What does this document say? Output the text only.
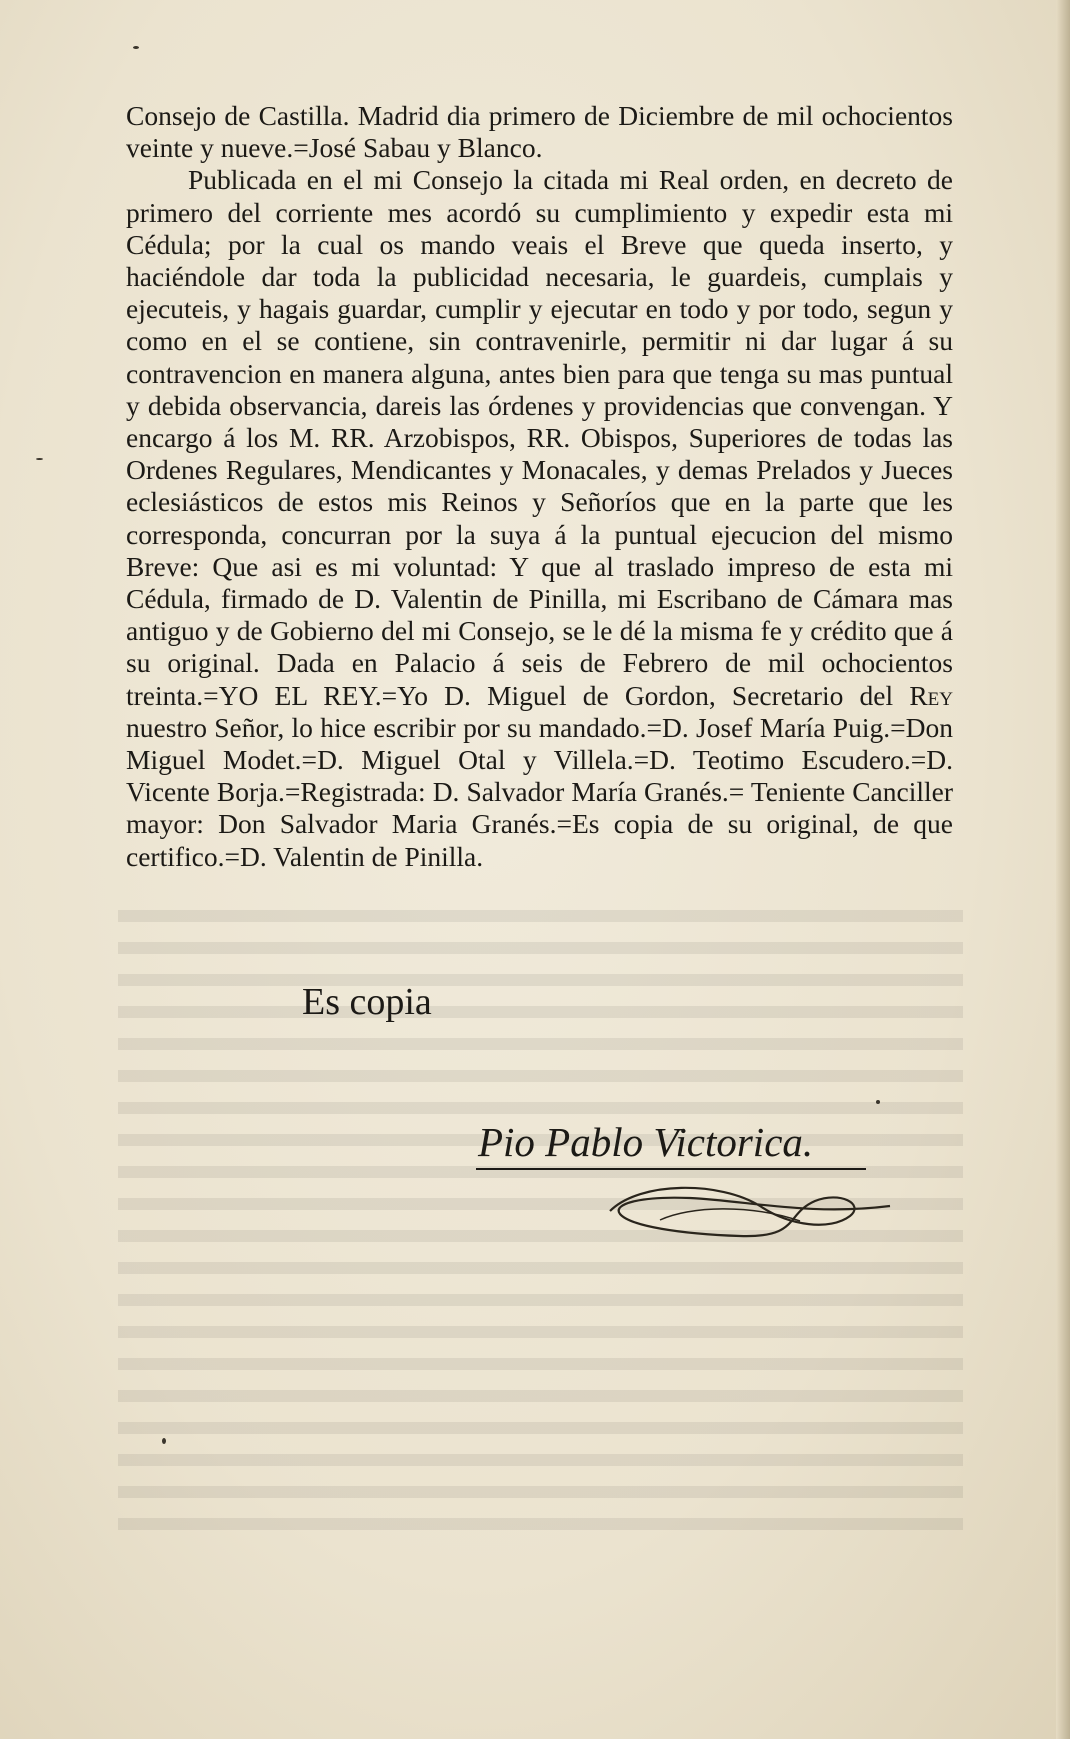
Consejo de Castilla. Madrid dia primero de Diciembre de mil ochocientos veinte y nueve.=José Sabau y Blanco.

Publicada en el mi Consejo la citada mi Real orden, en decreto de primero del corriente mes acordó su cumplimiento y expedir esta mi Cédula; por la cual os mando veais el Breve que queda inserto, y haciéndole dar toda la publicidad necesaria, le guardeis, cumplais y ejecuteis, y hagais guardar, cumplir y ejecutar en todo y por todo, segun y como en el se contiene, sin contravenirle, permitir ni dar lugar á su contravencion en manera alguna, antes bien para que tenga su mas puntual y debida observancia, dareis las órdenes y providencias que convengan. Y encargo á los M. RR. Arzobispos, RR. Obispos, Superiores de todas las Ordenes Regulares, Mendicantes y Monacales, y demas Prelados y Jueces eclesiásticos de estos mis Reinos y Señoríos que en la parte que les corresponda, concurran por la suya á la puntual ejecucion del mismo Breve: Que asi es mi voluntad: Y que al traslado impreso de esta mi Cédula, firmado de D. Valentin de Pinilla, mi Escribano de Cámara mas antiguo y de Gobierno del mi Consejo, se le dé la misma fe y crédito que á su original. Dada en Palacio á seis de Febrero de mil ochocientos treinta.=YO EL REY.=Yo D. Miguel de Gordon, Secretario del Rey nuestro Señor, lo hice escribir por su mandado.=D. Josef María Puig.=Don Miguel Modet.=D. Miguel Otal y Villela.=D. Teotimo Escudero.=D. Vicente Borja.=Registrada: D. Salvador María Granés.= Teniente Canciller mayor: Don Salvador Maria Granés.=Es copia de su original, de que certifico.=D. Valentin de Pinilla.

Es copia
Pio Pablo Victorica.
